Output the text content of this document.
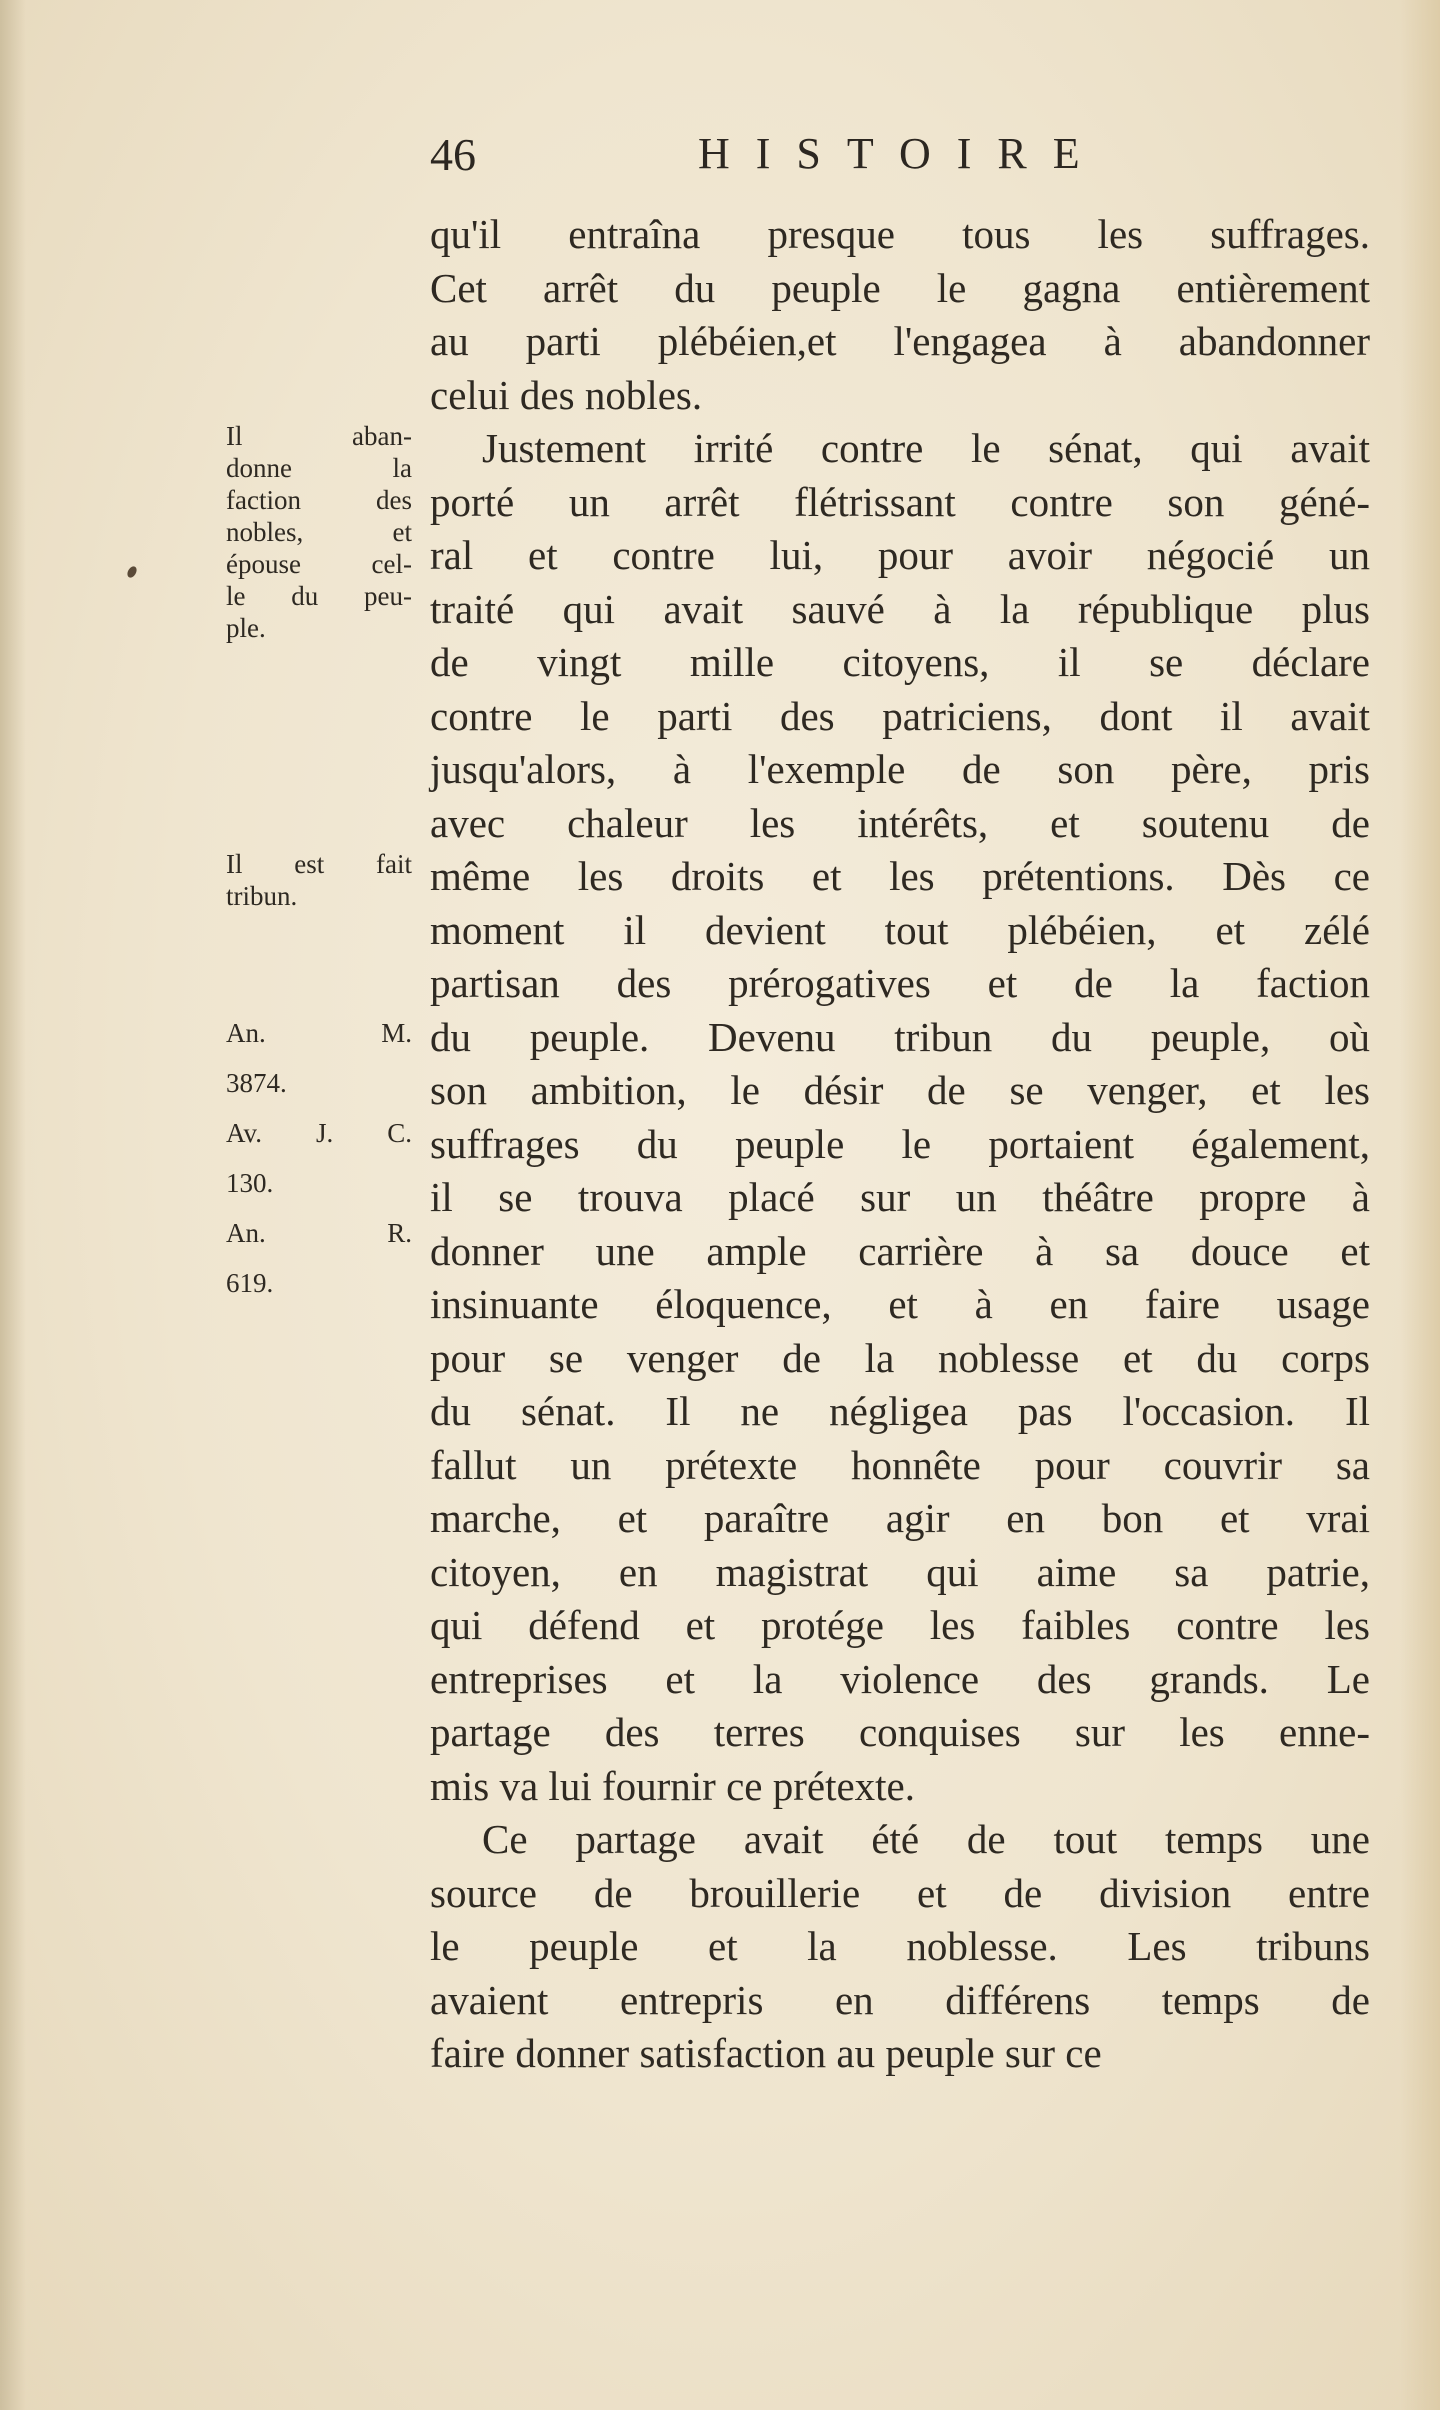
46	HISTOIRE
qu'il entraîna presque tous les suffrages.
Cet arrêt du peuple le gagna entièrement
au parti plébéien,et l'engagea à abandonner
celui des nobles.
Justement irrité contre le sénat, qui avait
porté un arrêt flétrissant contre son géné-
ral et contre lui, pour avoir négocié un
traité qui avait sauvé à la république plus
de vingt mille citoyens, il se déclare
contre le parti des patriciens, dont il avait
jusqu'alors, à l'exemple de son père, pris
avec chaleur les intérêts, et soutenu de
même les droits et les prétentions. Dès ce
moment il devient tout plébéien, et zélé
partisan des prérogatives et de la faction
du peuple. Devenu tribun du peuple, où
son ambition, le désir de se venger, et les
suffrages du peuple le portaient également,
il se trouva placé sur un théâtre propre à
donner une ample carrière à sa douce et
insinuante éloquence, et à en faire usage
pour se venger de la noblesse et du corps
du sénat. Il ne négligea pas l'occasion. Il
fallut un prétexte honnête pour couvrir sa
marche, et paraître agir en bon et vrai
citoyen, en magistrat qui aime sa patrie,
qui défend et protége les faibles contre les
entreprises et la violence des grands. Le
partage des terres conquises sur les enne-
mis va lui fournir ce prétexte.
Ce partage avait été de tout temps une
source de brouillerie et de division entre
le peuple et la noblesse. Les tribuns
avaient entrepris en différens temps de
faire donner satisfaction au peuple sur ce
Il aban-
donne la
faction des
nobles, et
épouse cel-
le du peu-
ple.
Il est fait
tribun.
An. M.
3874.
Av. J. C.
130.
An. R.
619.
